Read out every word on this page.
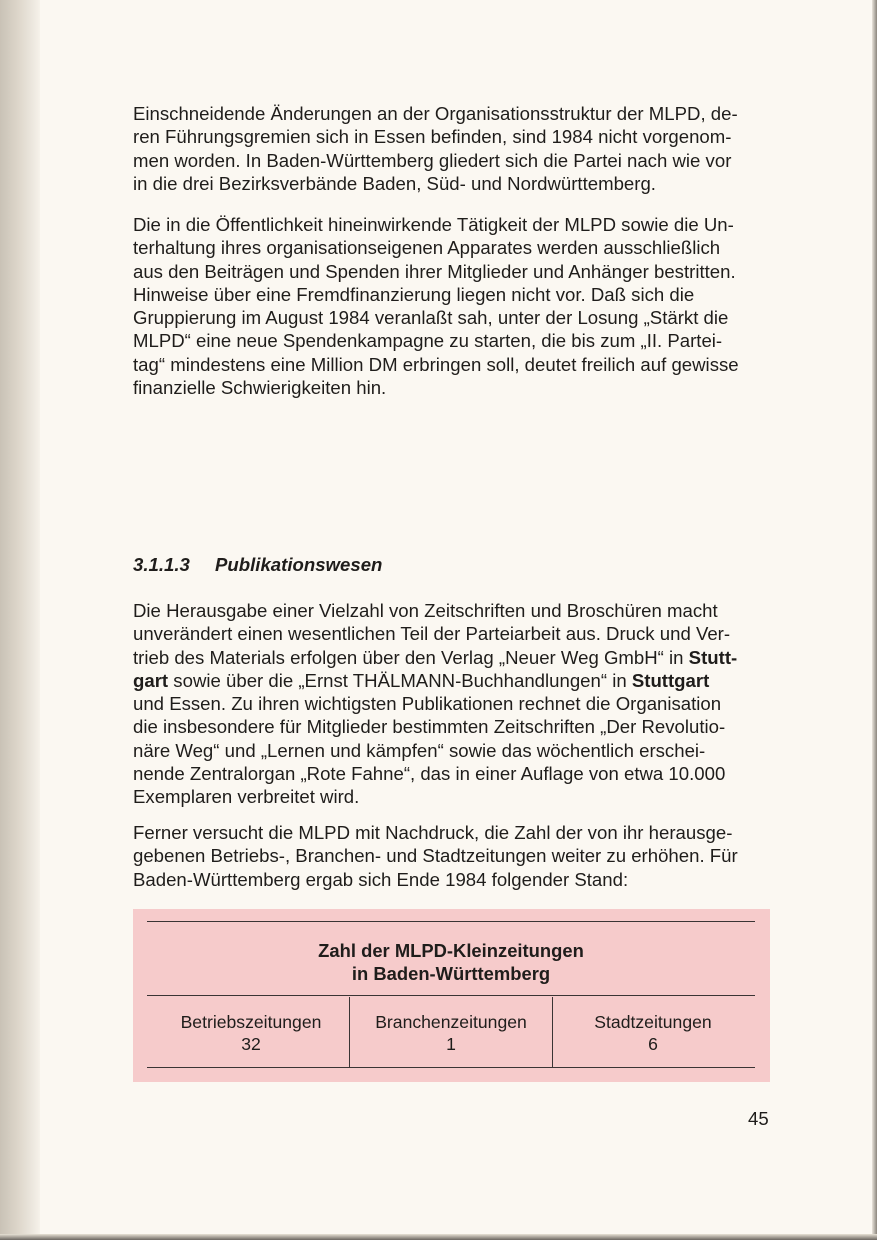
Einschneidende Änderungen an der Organisationsstruktur der MLPD, de-
ren Führungsgremien sich in Essen befinden, sind 1984 nicht vorgenom-
men worden. In Baden-Württemberg gliedert sich die Partei nach wie vor
in die drei Bezirksverbände Baden, Süd- und Nordwürttemberg.

Die in die Öffentlichkeit hineinwirkende Tätigkeit der MLPD sowie die Un-
terhaltung ihres organisationseigenen Apparates werden ausschließlich
aus den Beiträgen und Spenden ihrer Mitglieder und Anhänger bestritten.
Hinweise über eine Fremdfinanzierung liegen nicht vor. Daß sich die
Gruppierung im August 1984 veranlaßt sah, unter der Losung „Stärkt die
MLPD“ eine neue Spendenkampagne zu starten, die bis zum „II. Partei-
tag“ mindestens eine Million DM erbringen soll, deutet freilich auf gewisse
finanzielle Schwierigkeiten hin.

3.1.1.3 Publikationswesen

Die Herausgabe einer Vielzahl von Zeitschriften und Broschüren macht
unverändert einen wesentlichen Teil der Parteiarbeit aus. Druck und Ver-
trieb des Materials erfolgen über den Verlag „Neuer Weg GmbH“ in Stutt-
gart sowie über die „Ernst THÄLMANN-Buchhandlungen“ in Stuttgart
und Essen. Zu ihren wichtigsten Publikationen rechnet die Organisation
die insbesondere für Mitglieder bestimmten Zeitschriften „Der Revolutio-
näre Weg“ und „Lernen und kämpfen“ sowie das wöchentlich erschei-
nende Zentralorgan „Rote Fahne“, das in einer Auflage von etwa 10.000
Exemplaren verbreitet wird.

Ferner versucht die MLPD mit Nachdruck, die Zahl der von ihr herausge-
gebenen Betriebs-, Branchen- und Stadtzeitungen weiter zu erhöhen. Für
Baden-Württemberg ergab sich Ende 1984 folgender Stand:

Zahl der MLPD-Kleinzeitungen
in Baden-Württemberg
Betriebszeitungen
32
Branchenzeitungen
1
Stadtzeitungen
6
45
